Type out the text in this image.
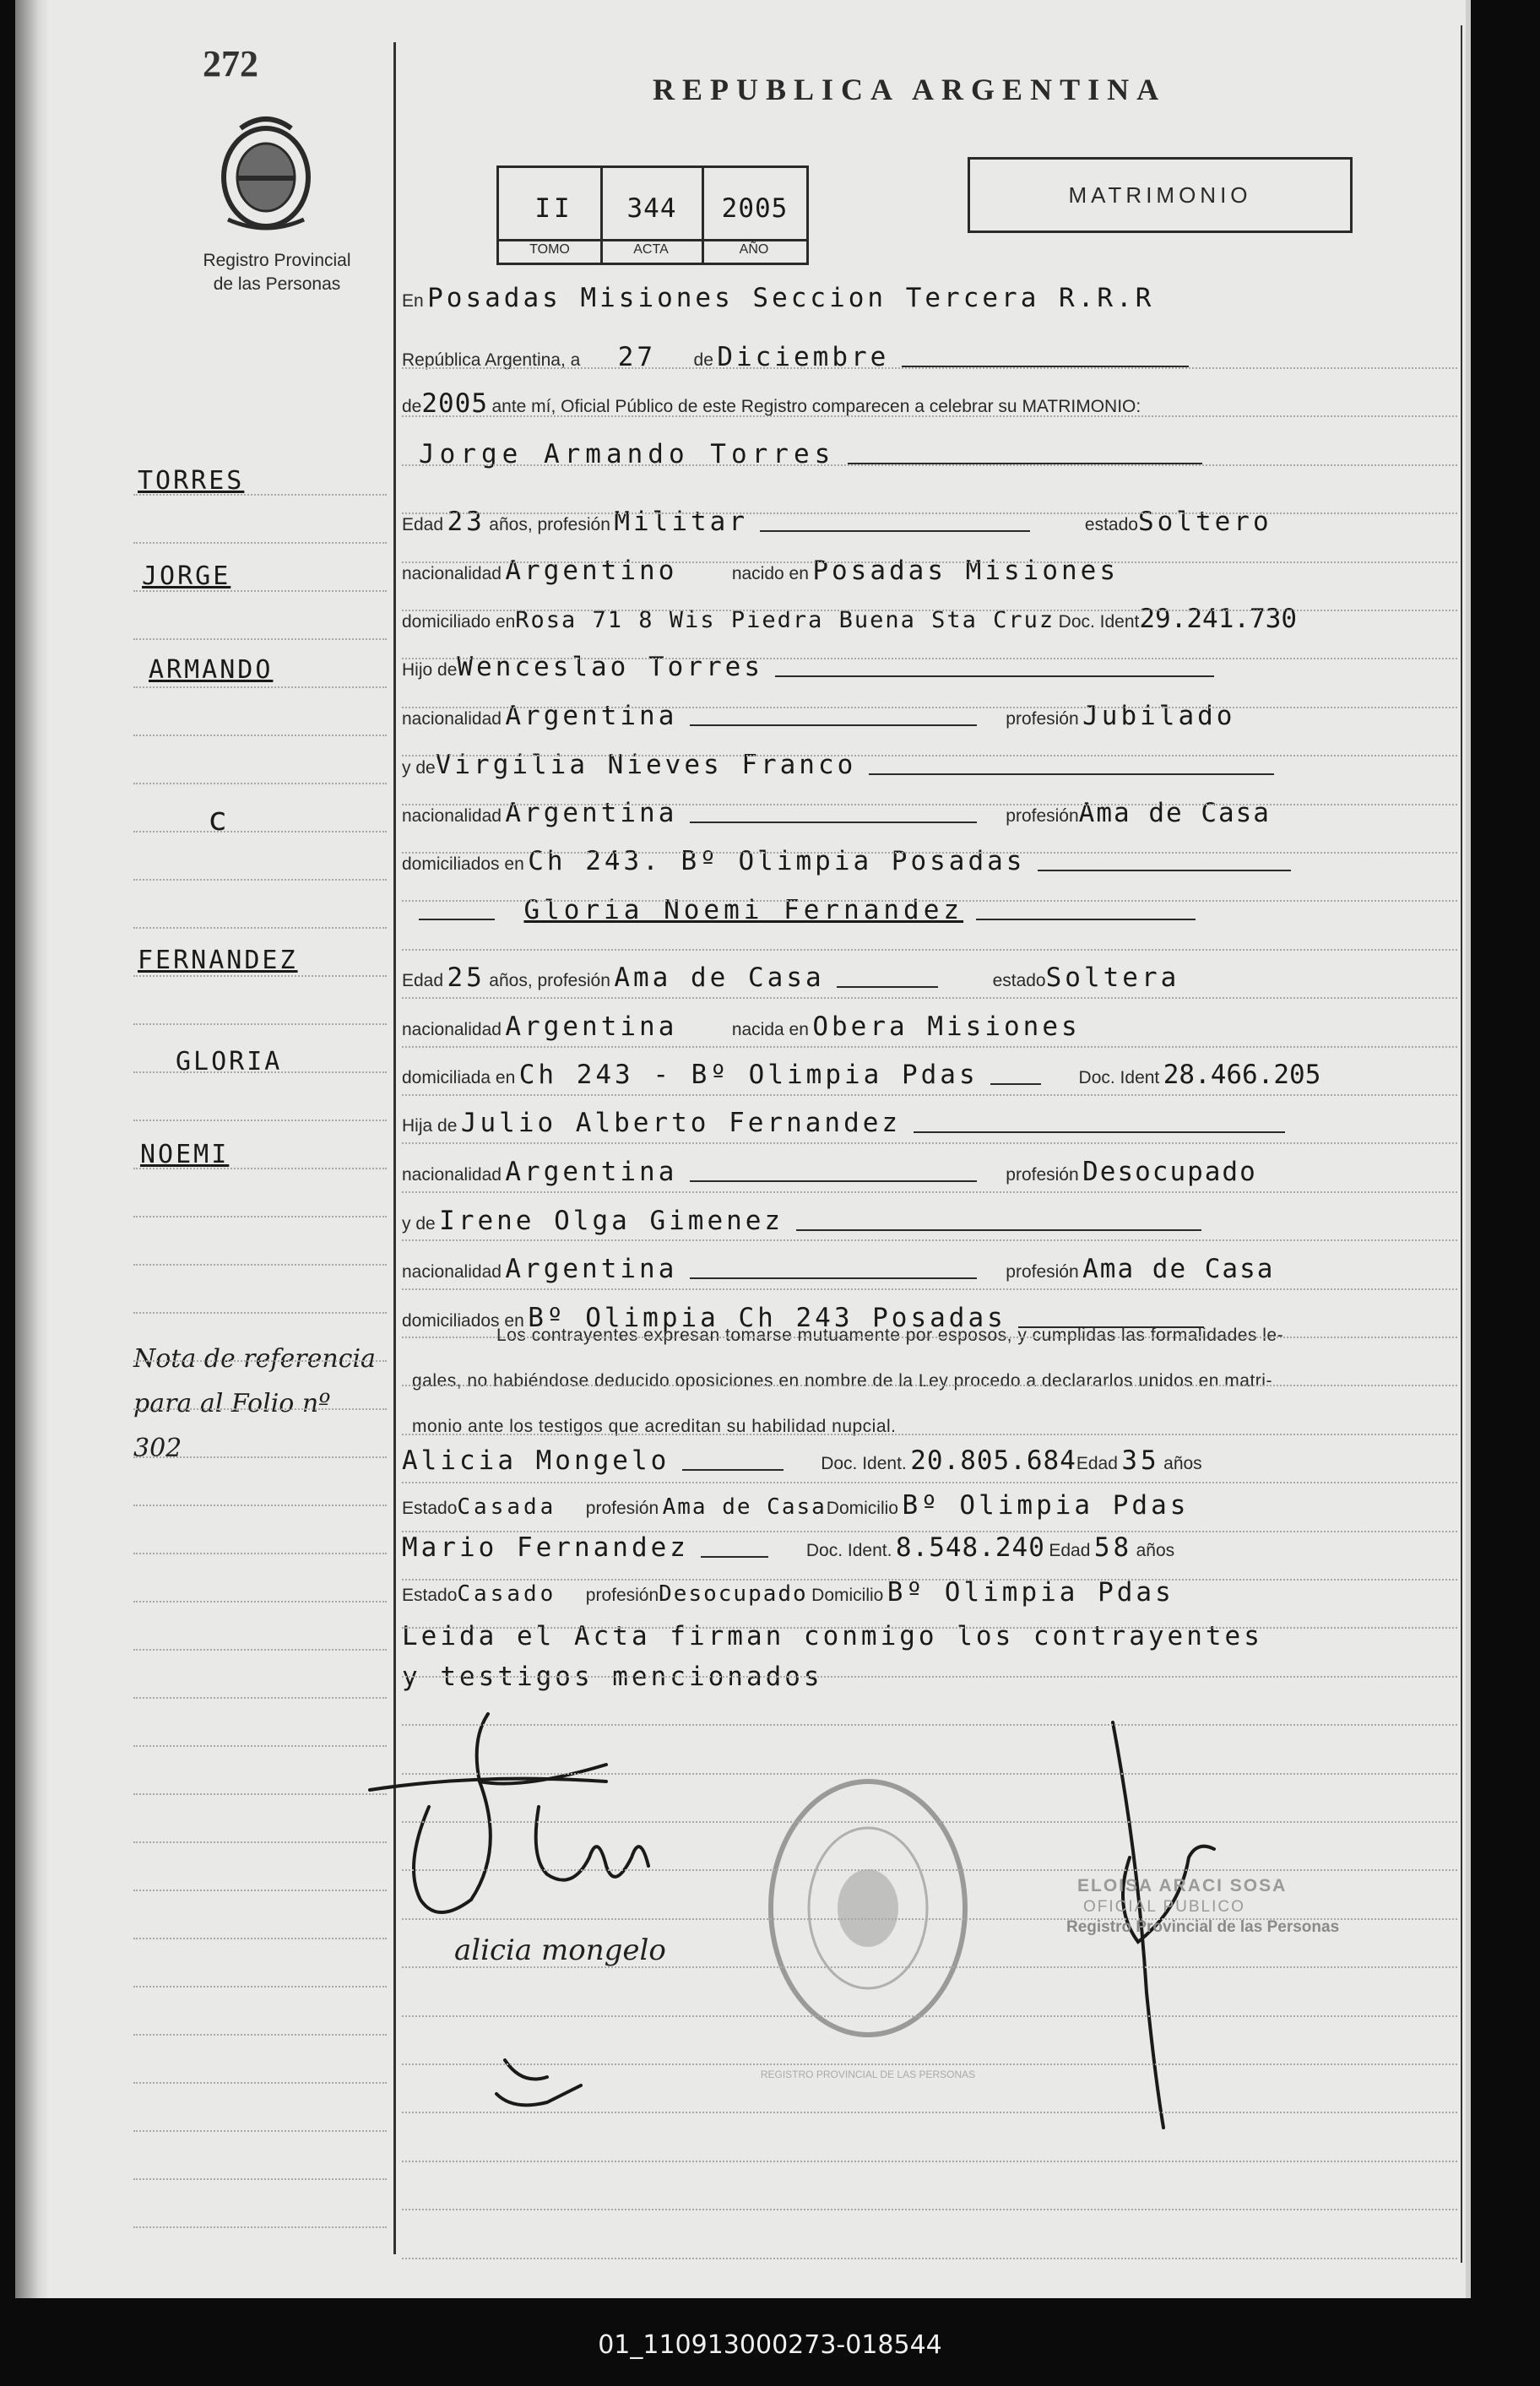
272
Registro Provincial
de las Personas
REPUBLICA ARGENTINA
II	344	2005
TOMO	ACTA	AÑO
MATRIMONIO
TORRES
JORGE
ARMANDO
c
FERNANDEZ
GLORIA
NOEMI
Nota de referencia
para al Folio nº
302
En Posadas Misiones Seccion Tercera R.R.R
República Argentina, a 27 de Diciembre
de2005 ante mí, Oficial Público de este Registro comparecen a celebrar su MATRIMONIO:
Jorge Armando Torres
Edad 23 años, profesión Militar	estadoSoltero
nacionalidad Argentino	nacido en Posadas Misiones
domiciliado enRosa 71 8 Wis Piedra Buena Sta Cruz Doc. Ident29.241.730
Hijo deWenceslao Torres
nacionalidad Argentina	profesión Jubilado
y deVirgilia Nieves Franco
nacionalidad Argentina	profesiónAma de Casa
domiciliados en Ch 243. Bº Olimpia Posadas
Gloria Noemi Fernandez
Edad 25 años, profesión Ama de Casa	estadoSoltera
nacionalidad Argentina	nacida en Obera Misiones
domiciliada en Ch 243 - Bº Olimpia Pdas	Doc. Ident 28.466.205
Hija de Julio Alberto Fernandez
nacionalidad Argentina	profesión Desocupado
y de Irene Olga Gimenez
nacionalidad Argentina	profesión Ama de Casa
domiciliados en Bº Olimpia Ch 243 Posadas
Los contrayentes expresan tomarse mutuamente por esposos, y cumplidas las formalidades le-
gales, no habiéndose deducido oposiciones en nombre de la Ley procedo a declararlos unidos en matri-
monio ante los testigos que acreditan su habilidad nupcial.
Alicia Mongelo	Doc. Ident. 20.805.684Edad 35 años
EstadoCasada profesión Ama de CasaDomicilio Bº Olimpia Pdas
Mario Fernandez	Doc. Ident. 8.548.240 Edad 58 años
EstadoCasado profesiónDesocupado Domicilio Bº Olimpia Pdas
Leida el Acta firman conmigo los contrayentes
y testigos mencionados
alicia mongelo
REGISTRO PROVINCIAL DE LAS PERSONAS
ELOISA ARACI SOSA
OFICIAL PUBLICO
Registro Provincial de las Personas
01_110913000273-018544
